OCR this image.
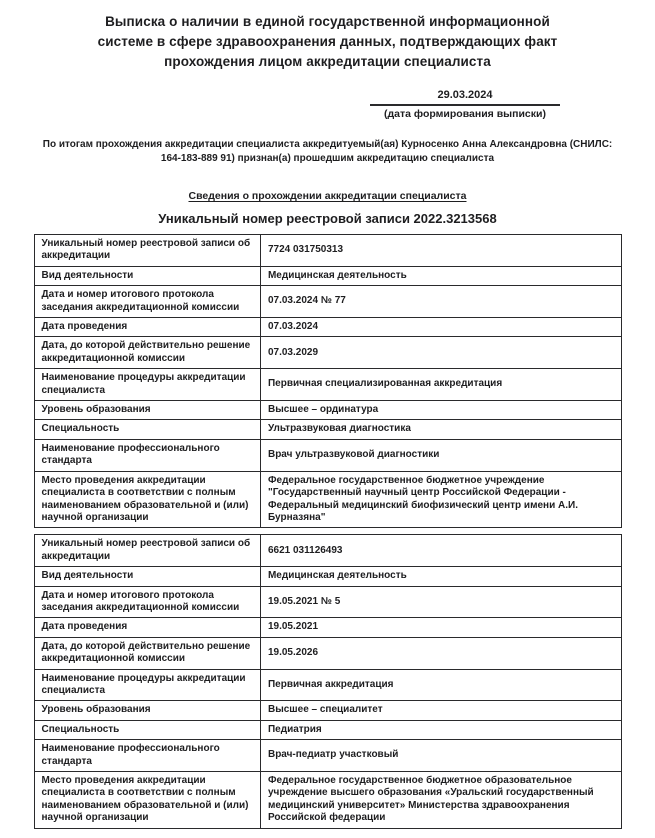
Выписка о наличии в единой государственной информационной
системе в сфере здравоохранения данных, подтверждающих факт
прохождения лицом аккредитации специалиста
29.03.2024
(дата формирования выписки)
По итогам прохождения аккредитации специалиста аккредитуемый(ая) Курносенко Анна Александровна (СНИЛС: 164-183-889 91) признан(а) прошедшим аккредитацию специалиста
Сведения о прохождении аккредитации специалиста
Уникальный номер реестровой записи 2022.3213568
Уникальный номер реестровой записи об аккредитации	7724 031750313
Вид деятельности	Медицинская деятельность
Дата и номер итогового протокола заседания аккредитационной комиссии	07.03.2024 № 77
Дата проведения	07.03.2024
Дата, до которой действительно решение аккредитационной комиссии	07.03.2029
Наименование процедуры аккредитации специалиста	Первичная специализированная аккредитация
Уровень образования	Высшее – ординатура
Специальность	Ультразвуковая диагностика
Наименование профессионального стандарта	Врач ультразвуковой диагностики
Место проведения аккредитации специалиста в соответствии с полным наименованием образовательной и (или) научной организации	Федеральное государственное бюджетное учреждение "Государственный научный центр Российской Федерации - Федеральный медицинский биофизический центр имени А.И. Бурназяна"
Уникальный номер реестровой записи об аккредитации	6621 031126493
Вид деятельности	Медицинская деятельность
Дата и номер итогового протокола заседания аккредитационной комиссии	19.05.2021 № 5
Дата проведения	19.05.2021
Дата, до которой действительно решение аккредитационной комиссии	19.05.2026
Наименование процедуры аккредитации специалиста	Первичная аккредитация
Уровень образования	Высшее – специалитет
Специальность	Педиатрия
Наименование профессионального стандарта	Врач-педиатр участковый
Место проведения аккредитации специалиста в соответствии с полным наименованием образовательной и (или) научной организации	Федеральное государственное бюджетное образовательное учреждение высшего образования «Уральский государственный медицинский университет» Министерства здравоохранения Российской федерации
